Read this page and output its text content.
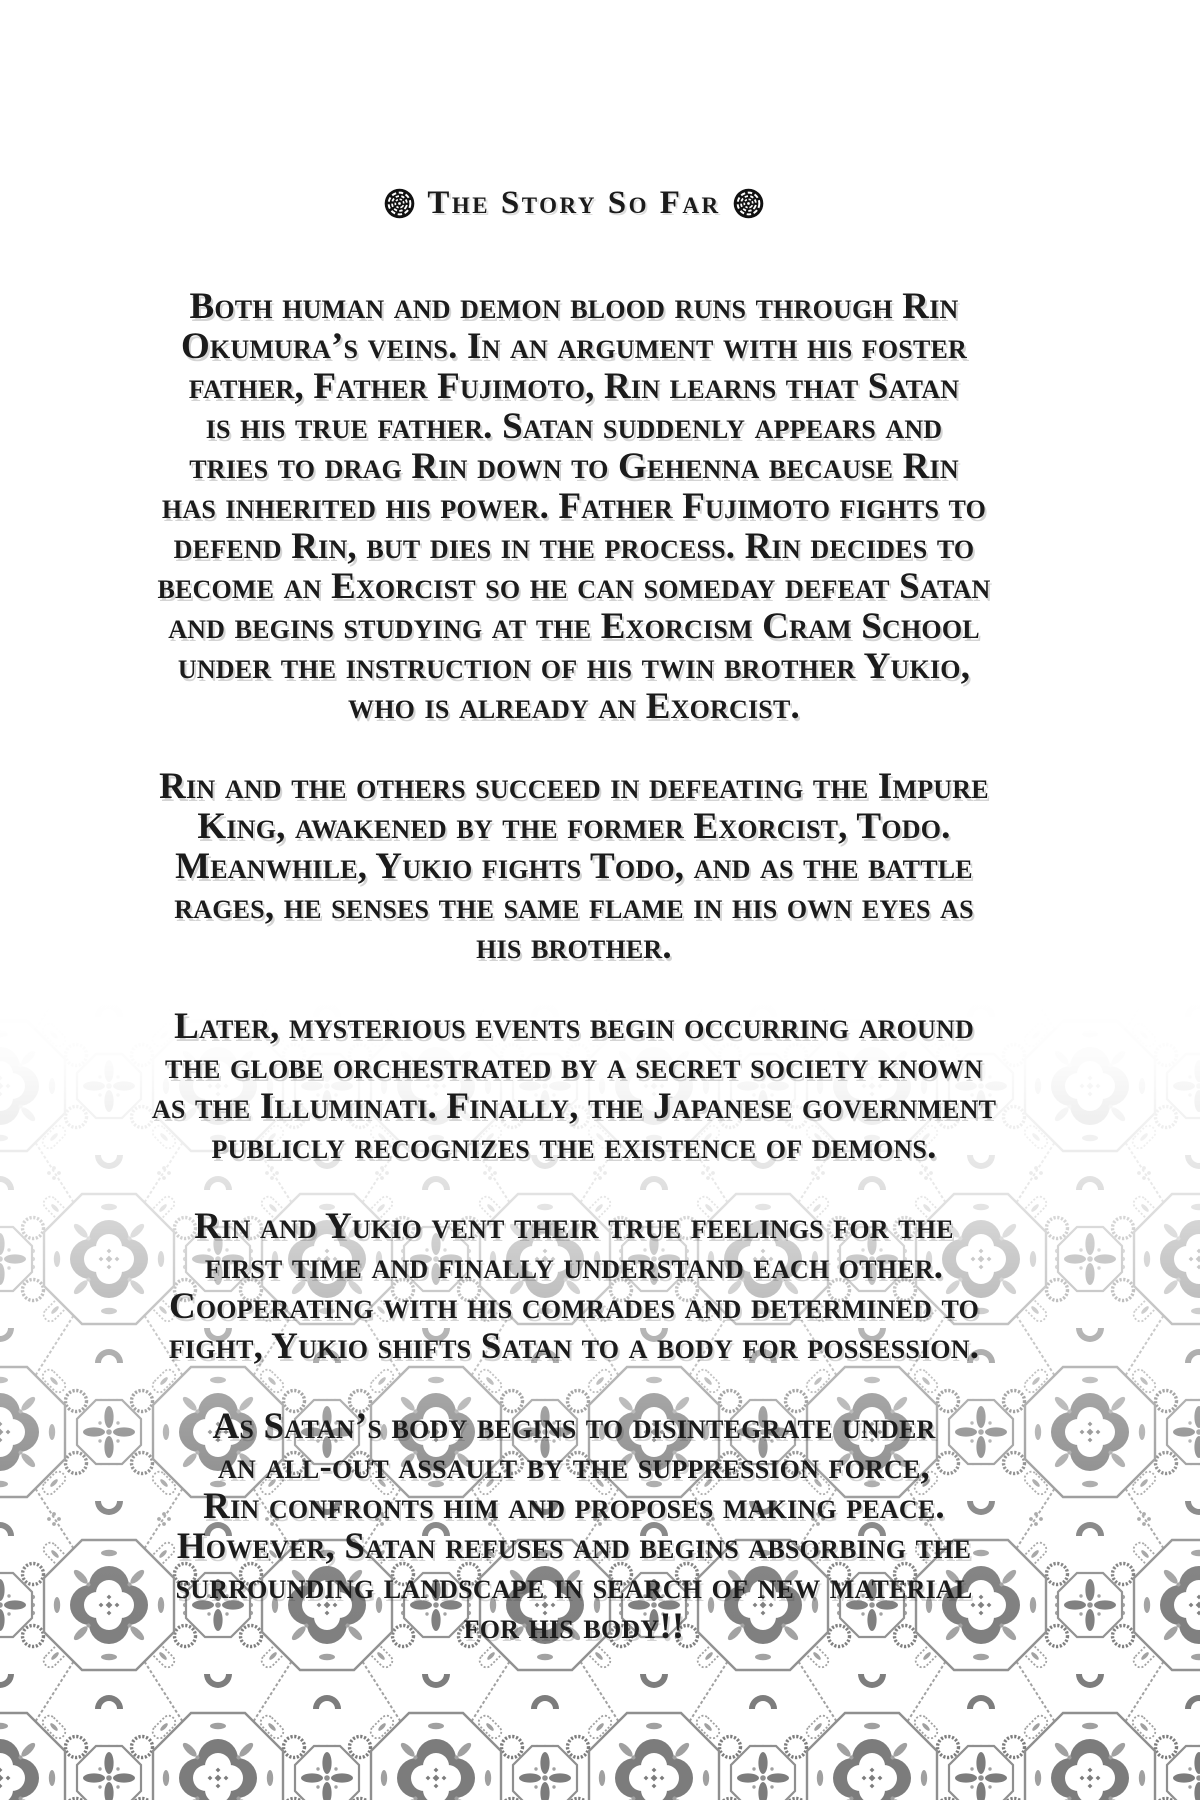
The Story So Far
Both human and demon blood runs through Rin
Okumura’s veins. In an argument with his foster
father, Father Fujimoto, Rin learns that Satan
is his true father. Satan suddenly appears and
tries to drag Rin down to Gehenna because Rin
has inherited his power. Father Fujimoto fights to
defend Rin, but dies in the process. Rin decides to
become an Exorcist so he can someday defeat Satan
and begins studying at the Exorcism Cram School
under the instruction of his twin brother Yukio,
who is already an Exorcist.
Rin and the others succeed in defeating the Impure
King, awakened by the former Exorcist, Todo.
Meanwhile, Yukio fights Todo, and as the battle
rages, he senses the same flame in his own eyes as
his brother.
Later, mysterious events begin occurring around
the globe orchestrated by a secret society known
as the Illuminati. Finally, the Japanese government
publicly recognizes the existence of demons.
Rin and Yukio vent their true feelings for the
first time and finally understand each other.
Cooperating with his comrades and determined to
fight, Yukio shifts Satan to a body for possession.
As Satan’s body begins to disintegrate under
an all-out assault by the suppression force,
Rin confronts him and proposes making peace.
However, Satan refuses and begins absorbing the
surrounding landscape in search of new material
for his body!!
